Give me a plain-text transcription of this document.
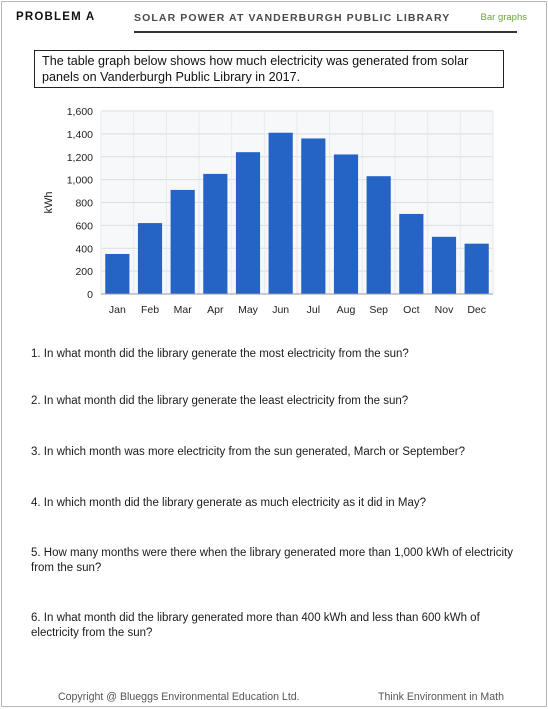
PROBLEM A	SOLAR POWER AT VANDERBURGH PUBLIC LIBRARY	Bar graphs
The table graph below shows how much electricity was generated from solar panels on Vanderburgh Public Library in 2017.
0
200
400
600
800
1,000
1,200
1,400
1,600
Jan Feb Mar Apr May Jun Jul Aug Sep Oct Nov Dec
kWh
1. In what month did the library generate the most electricity from the sun?
2. In what month did the library generate the least electricity from the sun?
3. In which month was more electricity from the sun generated, March or September?
4. In which month did the library generate as much electricity as it did in May?
5. How many months were there when the library generated more than 1,000 kWh of electricity from the sun?
6. In what month did the library generated more than 400 kWh and less than 600 kWh of electricity from the sun?
Copyright @ Blueggs Environmental Education Ltd.	Think Environment in Math
